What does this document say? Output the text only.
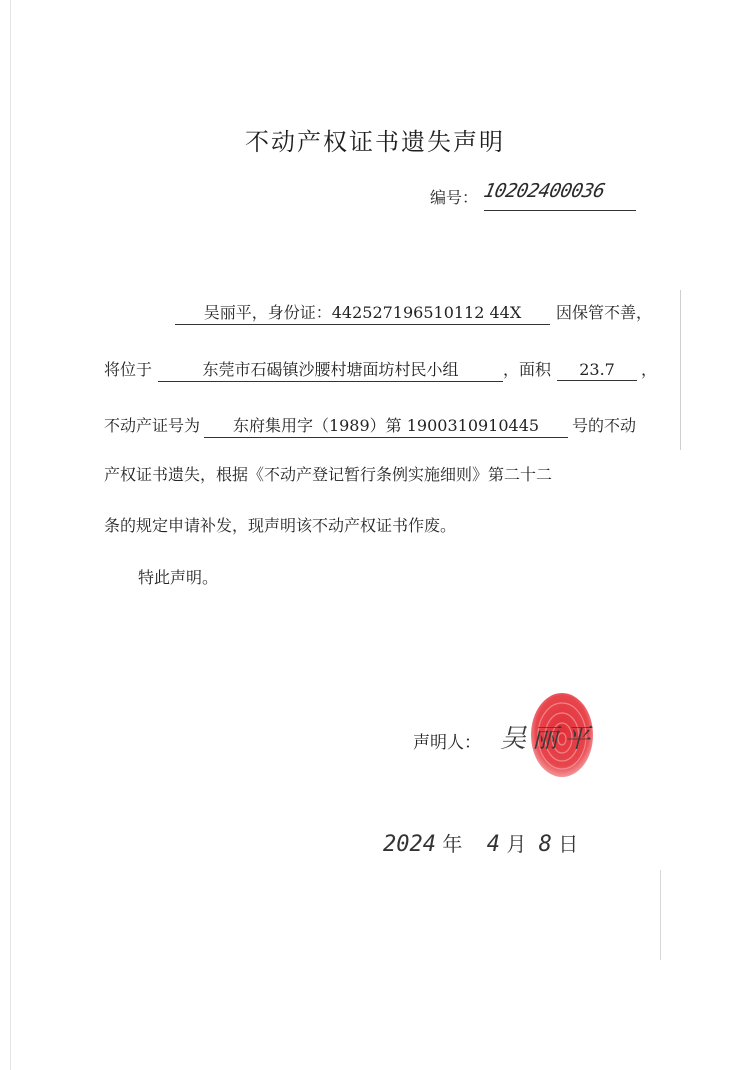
不动产权证书遗失声明
编号： 10202400036
吴丽平，身份证：442527196510112 44X 因保管不善，
将位于	东莞市石碣镇沙腰村塘面坊村民小组	，面积 23.7 ，
不动产证号为 东府集用字（1989）第 1900310910445 号的不动
产权证书遗失，根据《不动产登记暂行条例实施细则》第二十二
条的规定申请补发，现声明该不动产权证书作废。
特此声明。
声明人： 吴丽平
2024 年 4 月 8 日
